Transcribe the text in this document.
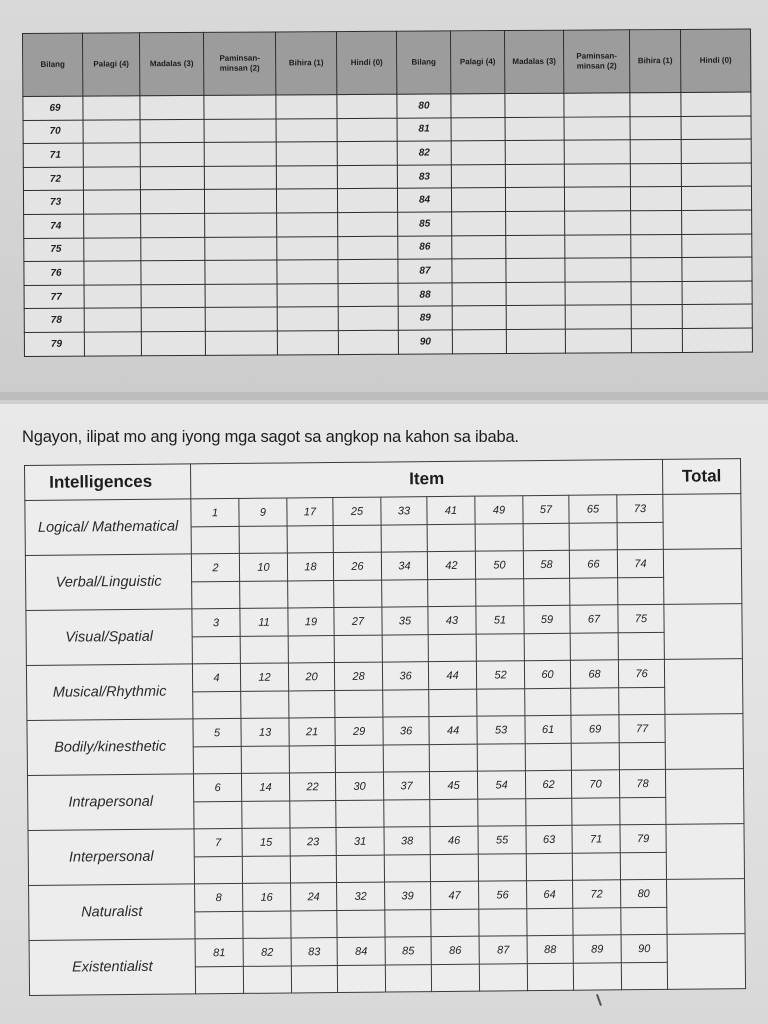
Bilang	Palagi (4)	Madalas (3)	Paminsan-minsan (2)	Bihira (1)	Hindi (0)	Bilang	Palagi (4)	Madalas (3)	Paminsan-minsan (2)	Bihira (1)	Hindi (0)
69						80					
70						81					
71						82					
72						83					
73						84					
74						85					
75						86					
76						87					
77						88					
78						89					
79						90					
Ngayon, ilipat mo ang iyong mga sagot sa angkop na kahon sa ibaba.
Intelligences	Item										Total
Logical/ Mathematical	1	9	17	25	33	41	49	57	65	73	

Verbal/Linguistic	2	10	18	26	34	42	50	58	66	74	

Visual/Spatial	3	11	19	27	35	43	51	59	67	75	

Musical/Rhythmic	4	12	20	28	36	44	52	60	68	76	

Bodily/kinesthetic	5	13	21	29	36	44	53	61	69	77	

Intrapersonal	6	14	22	30	37	45	54	62	70	78	

Interpersonal	7	15	23	31	38	46	55	63	71	79	

Naturalist	8	16	24	32	39	47	56	64	72	80	

Existentialist	81	82	83	84	85	86	87	88	89	90	
